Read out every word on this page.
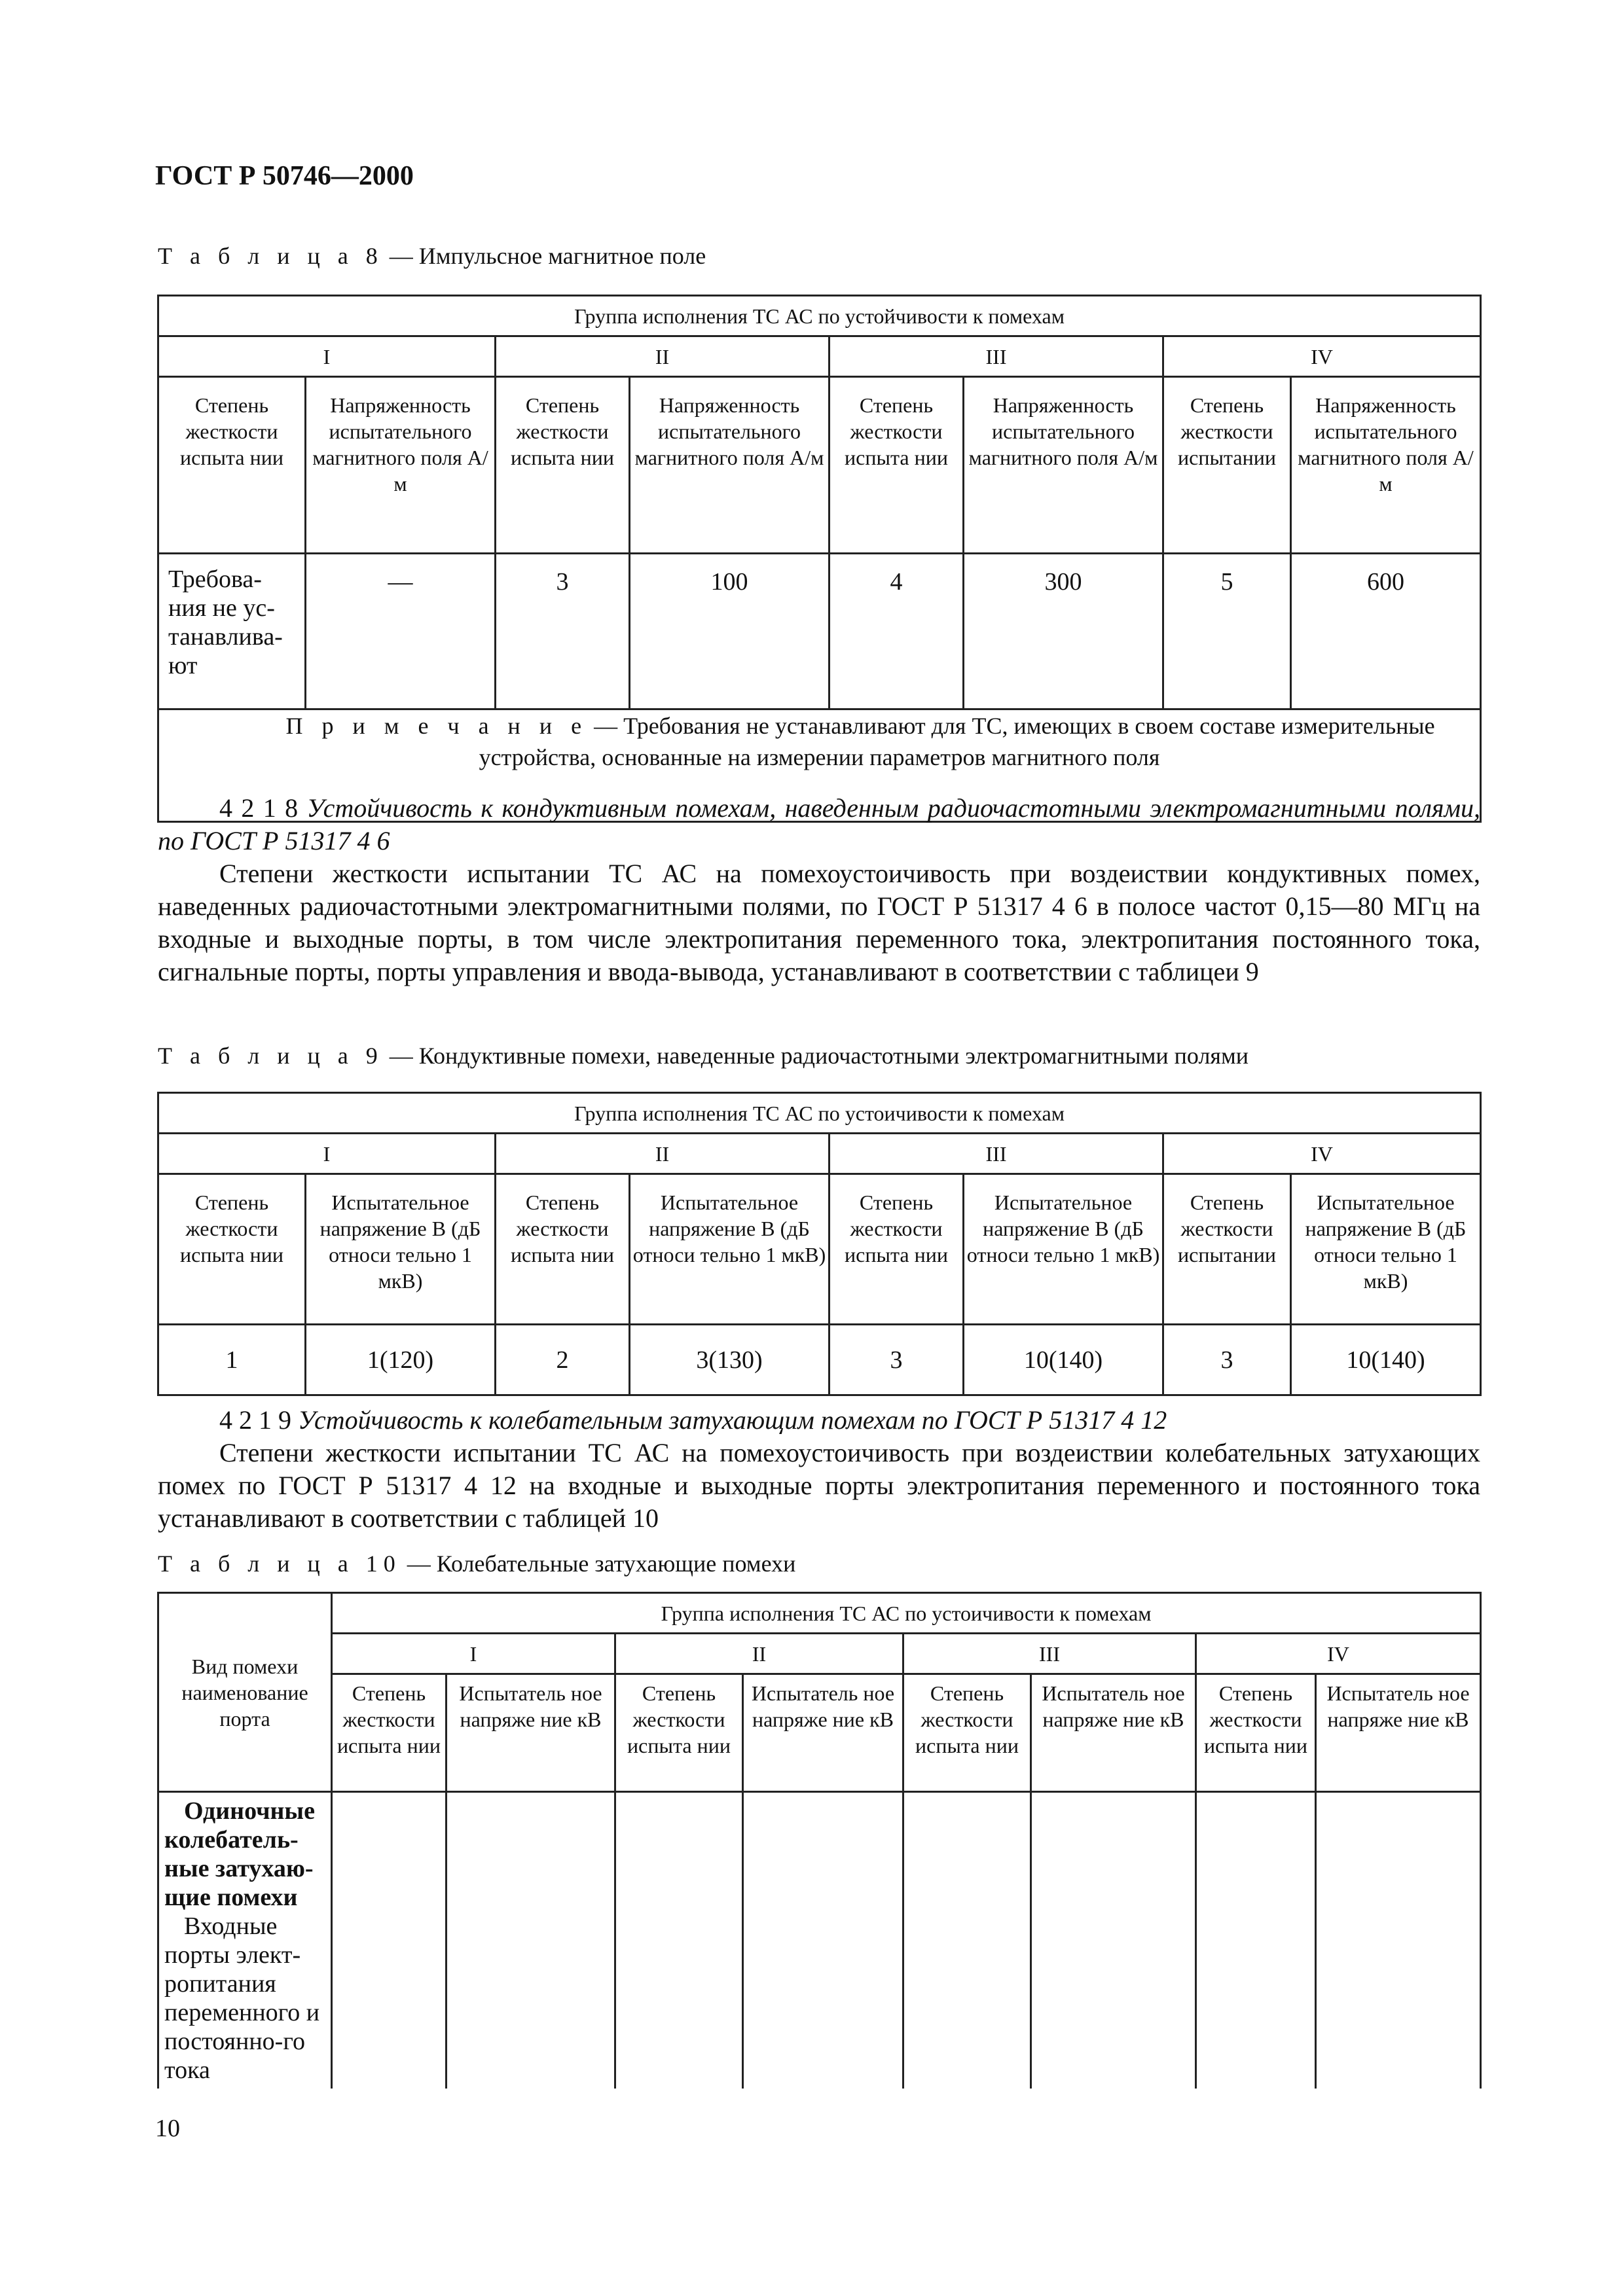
ГОСТ Р 50746—2000
Т а б л и ц а 8 — Импульсное магнитное поле
Группа исполнения ТС АС по устойчивости к помехам							
I		II		III		IV	
Степень жесткости испыта нии	Напряженность испытательного магнитного поля А/м	Степень жесткости испыта нии	Напряженность испытательного магнитного поля А/м	Степень жесткости испыта нии	Напряженность испытательного магнитного поля А/м	Степень жесткости испытании	Напряженность испытательного магнитного поля А/м
Требова-ния не ус-танавлива-ют	—	3	100	4	300	5	600
П р и м е ч а н и е — Требования не устанавливают для ТС, имеющих в своем составе измерительные устройства, основанные на измерении параметров магнитного поля							
4 2 1 8 Устойчивость к кондуктивным помехам, наведенным радиочастотными электромагнитными полями, по ГОСТ Р 51317 4 6
Степени жесткости испытании ТС АС на помехоустоичивость при воздеиствии кондуктивных помех, наведенных радиочастотными электромагнитными полями, по ГОСТ Р 51317 4 6 в полосе частот 0,15—80 МГц на входные и выходные порты, в том числе электропитания переменного тока, электропитания постоянного тока, сигнальные порты, порты управления и ввода-вывода, устанавливают в соответствии с таблицеи 9
Т а б л и ц а 9 — Кондуктивные помехи, наведенные радиочастотными электромагнитными полями
Группа исполнения ТС АС по устоичивости к помехам							
I		II		III		IV	
Степень жесткости испыта нии	Испытательное напряжение В (дБ относи тельно 1 мкВ)	Степень жесткости испыта нии	Испытательное напряжение В (дБ относи тельно 1 мкВ)	Степень жесткости испыта нии	Испытательное напряжение В (дБ относи тельно 1 мкВ)	Степень жесткости испытании	Испытательное напряжение В (дБ относи тельно 1 мкВ)
1	1(120)	2	3(130)	3	10(140)	3	10(140)
4 2 1 9 Устойчивость к колебательным затухающим помехам по ГОСТ Р 51317 4 12
Степени жесткости испытании ТС АС на помехоустоичивость при воздеиствии колебательных затухающих помех по ГОСТ Р 51317 4 12 на входные и выходные порты электропитания переменного и постоянного тока устанавливают в соответствии с таблицей 10
Т а б л и ц а 10 — Колебательные затухающие помехи
Вид помехи наименование порта	Группа исполнения ТС АС по устоичивости к помехам							
	I		II		III		IV	
	Степень жесткости испыта нии	Испытатель ное напряже ние кВ	Степень жесткости испыта нии	Испытатель ное напряже ние кВ	Степень жесткости испыта нии	Испытатель ное напряже ние кВ	Степень жесткости испыта нии	Испытатель ное напряже ние кВ

Одиночные колебатель-ные затухаю-щие помехи
Входные порты элект-ропитания переменного и постоянно-го тока								

10
